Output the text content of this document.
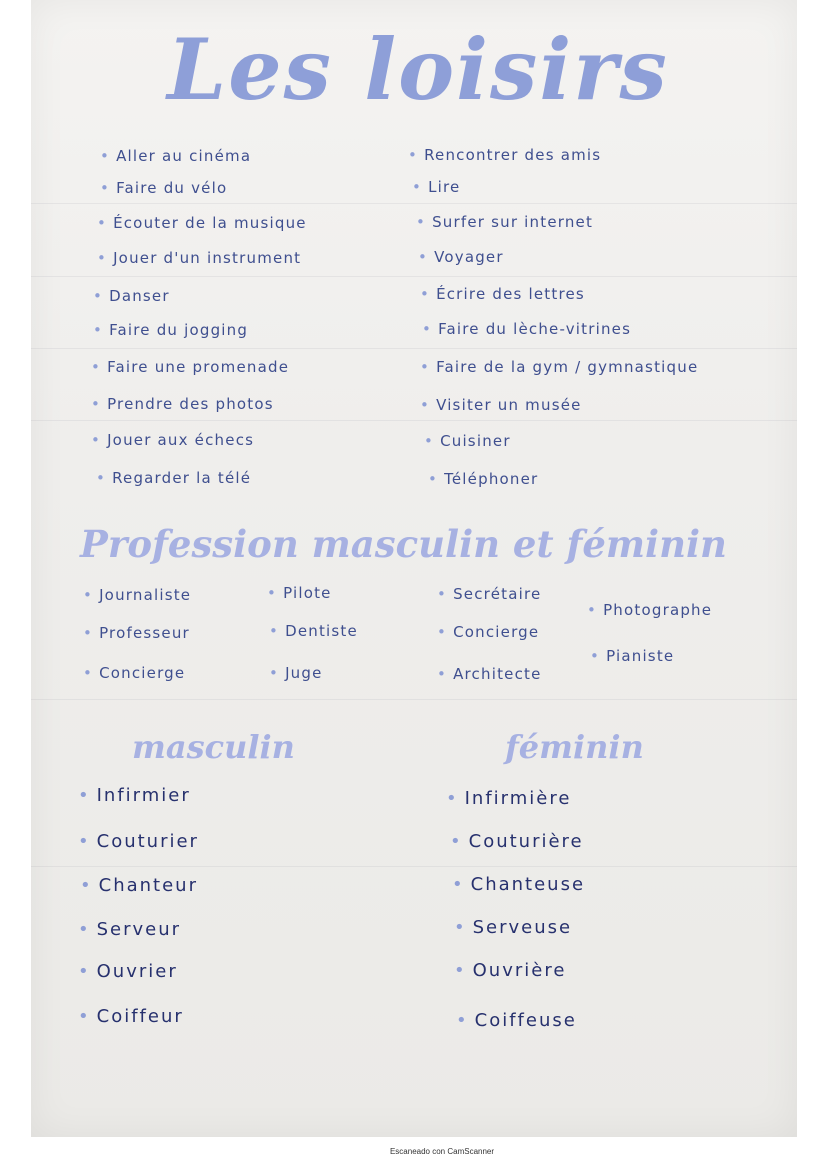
Les loisirs
• Aller au cinéma
• Faire du vélo
• Écouter de la musique
• Jouer d'un instrument
• Danser
• Faire du jogging
• Faire une promenade
• Prendre des photos
• Jouer aux échecs
• Regarder la télé
• Rencontrer des amis
• Lire
• Surfer sur internet
• Voyager
• Écrire des lettres
• Faire du lèche-vitrines
• Faire de la gym / gymnastique
• Visiter un musée
• Cuisiner
• Téléphoner
Profession masculin et féminin
• Journaliste
• Professeur
• Concierge
• Pilote
• Dentiste
• Juge
• Secrétaire
• Concierge
• Architecte
• Photographe
• Pianiste
masculin	féminin
• Infirmier
• Couturier
• Chanteur
• Serveur
• Ouvrier
• Coiffeur
• Infirmière
• Couturière
• Chanteuse
• Serveuse
• Ouvrière
• Coiffeuse
Escaneado con CamScanner
